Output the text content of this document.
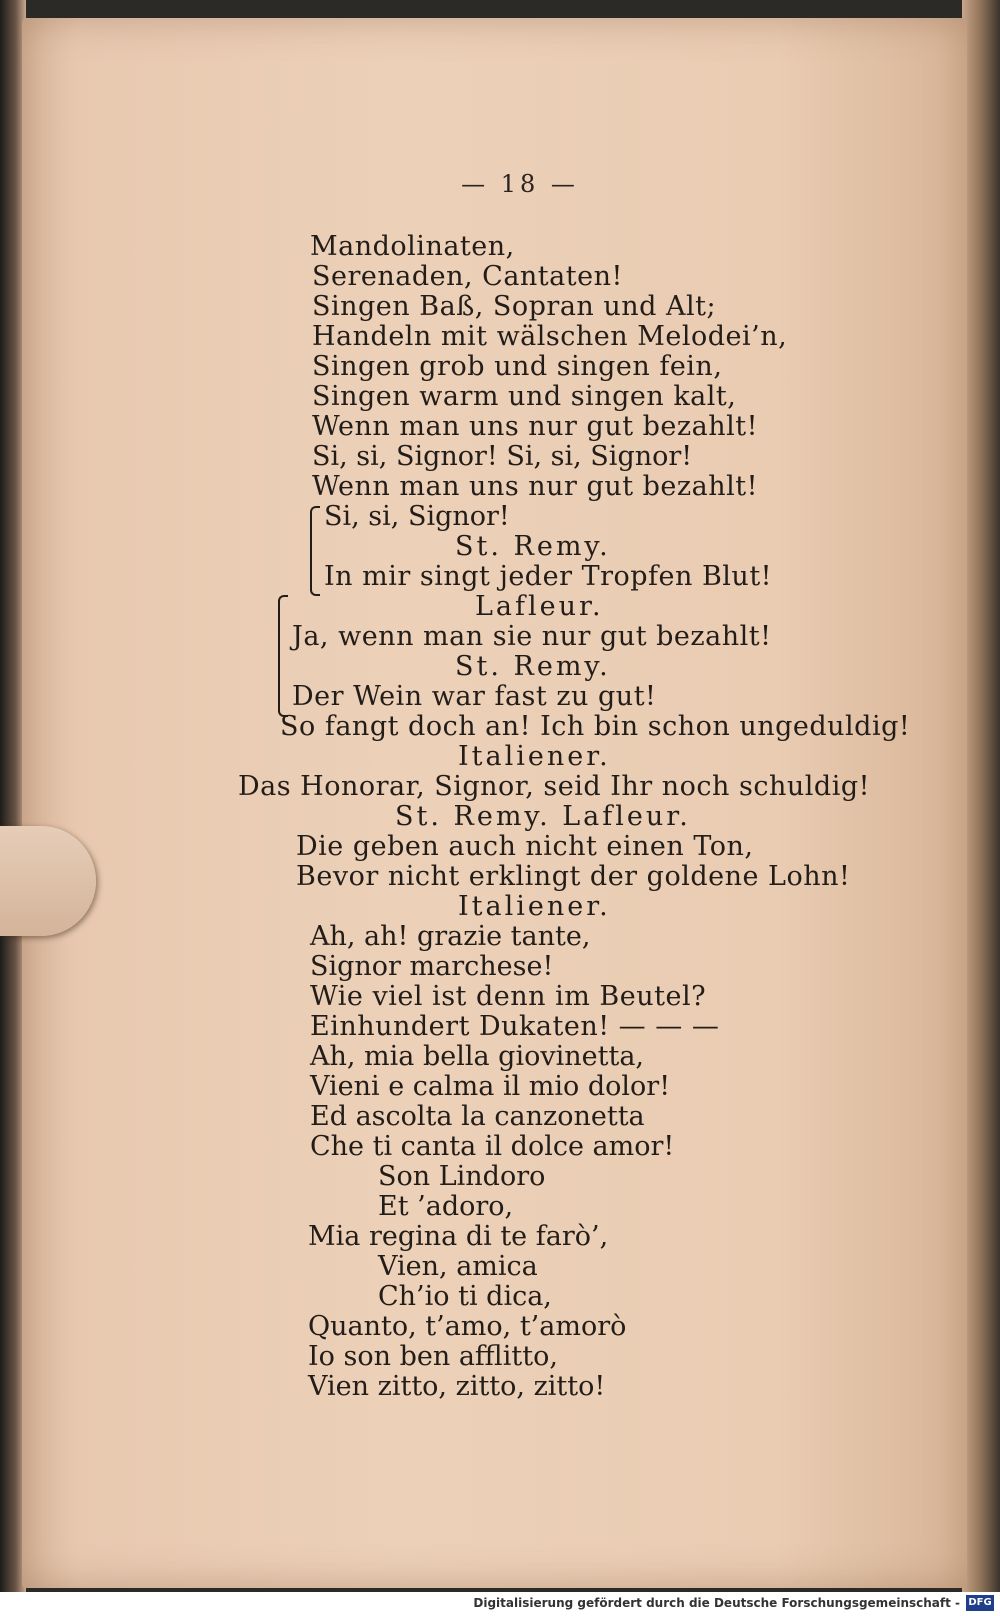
— 18 —
Mandolinaten,
Serenaden, Cantaten!
Singen Baß, Sopran und Alt;
Handeln mit wälschen Melodei’n,
Singen grob und singen fein,
Singen warm und singen kalt,
Wenn man uns nur gut bezahlt!
Si, si, Signor! Si, si, Signor!
Wenn man uns nur gut bezahlt!
Si, si, Signor!
St. Remy.
In mir singt jeder Tropfen Blut!
Lafleur.
Ja, wenn man sie nur gut bezahlt!
St. Remy.
Der Wein war fast zu gut!
So fangt doch an! Ich bin schon ungeduldig!
Italiener.
Das Honorar, Signor, seid Ihr noch schuldig!
St. Remy. Lafleur.
Die geben auch nicht einen Ton,
Bevor nicht erklingt der goldene Lohn!
Italiener.
Ah, ah! grazie tante,
Signor marchese!
Wie viel ist denn im Beutel?
Einhundert Dukaten! — — —
Ah, mia bella giovinetta,
Vieni e calma il mio dolor!
Ed ascolta la canzonetta
Che ti canta il dolce amor!
Son Lindoro
Et ’adoro,
Mia regina di te farò’,
Vien, amica
Ch’io ti dica,
Quanto, t’amo, t’amorò
Io son ben afflitto,
Vien zitto, zitto, zitto!
Digitalisierung gefördert durch die Deutsche Forschungsgemeinschaft - DFG
